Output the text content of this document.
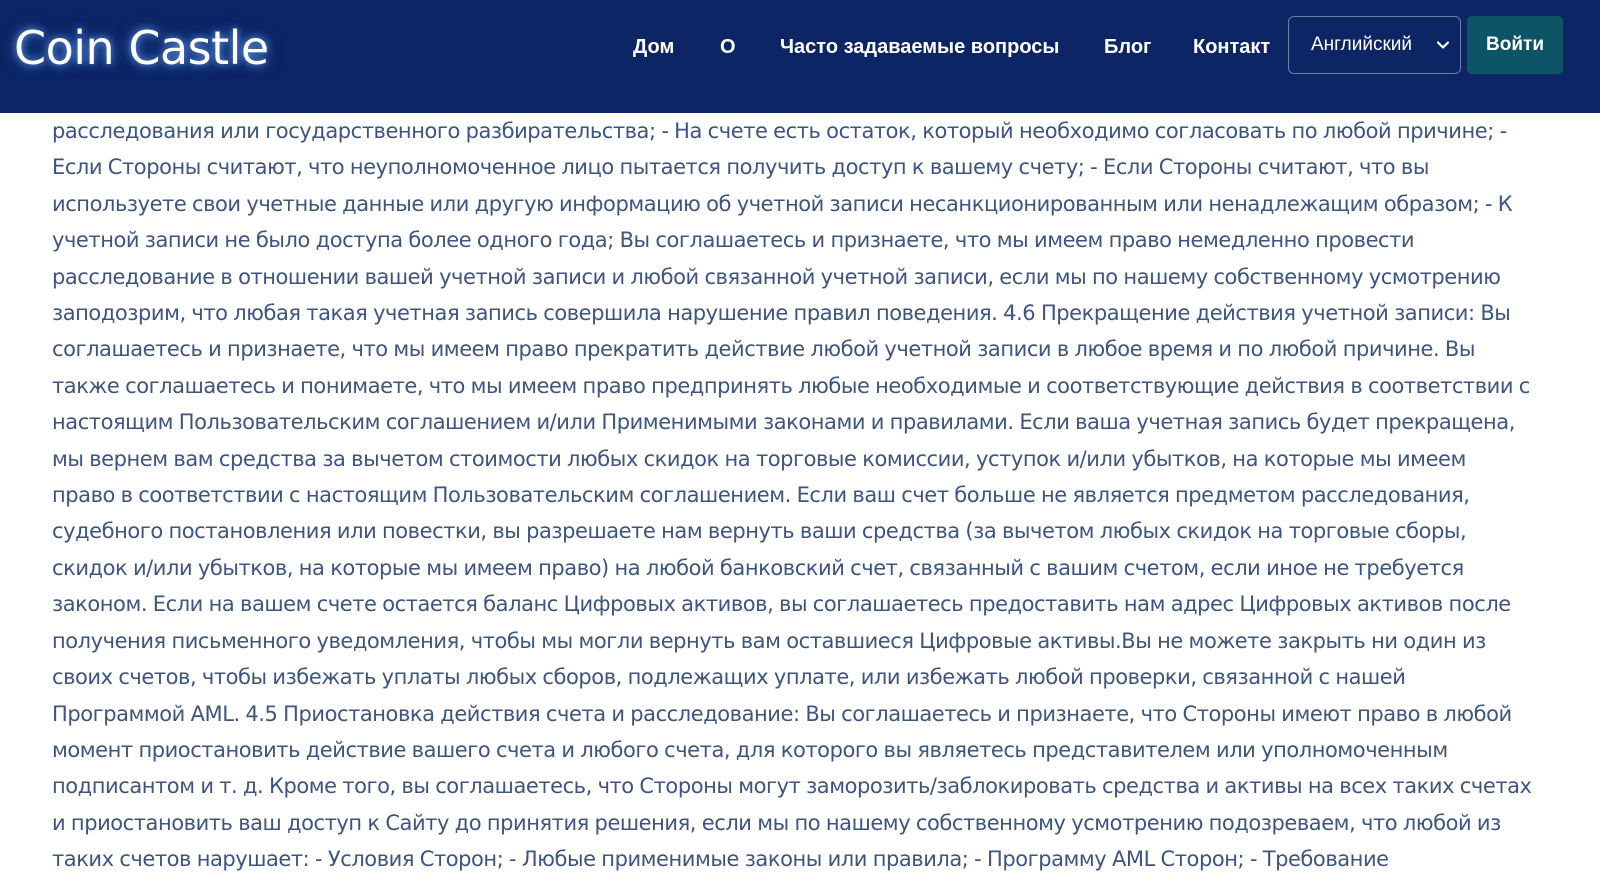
Coin Castle	Дом О Часто задаваемые вопросы Блог Контакт Английский	Войти

расследования или государственного разбирательства; - На счете есть остаток, который необходимо согласовать по любой причине; -
Если Стороны считают, что неуполномоченное лицо пытается получить доступ к вашему счету; - Если Стороны считают, что вы
используете свои учетные данные или другую информацию об учетной записи несанкционированным или ненадлежащим образом; - К
учетной записи не было доступа более одного года; Вы соглашаетесь и признаете, что мы имеем право немедленно провести
расследование в отношении вашей учетной записи и любой связанной учетной записи, если мы по нашему собственному усмотрению
заподозрим, что любая такая учетная запись совершила нарушение правил поведения. 4.6 Прекращение действия учетной записи: Вы
соглашаетесь и признаете, что мы имеем право прекратить действие любой учетной записи в любое время и по любой причине. Вы
также соглашаетесь и понимаете, что мы имеем право предпринять любые необходимые и соответствующие действия в соответствии с
настоящим Пользовательским соглашением и/или Применимыми законами и правилами. Если ваша учетная запись будет прекращена,
мы вернем вам средства за вычетом стоимости любых скидок на торговые комиссии, уступок и/или убытков, на которые мы имеем
право в соответствии с настоящим Пользовательским соглашением. Если ваш счет больше не является предметом расследования,
судебного постановления или повестки, вы разрешаете нам вернуть ваши средства (за вычетом любых скидок на торговые сборы,
скидок и/или убытков, на которые мы имеем право) на любой банковский счет, связанный с вашим счетом, если иное не требуется
законом. Если на вашем счете остается баланс Цифровых активов, вы соглашаетесь предоставить нам адрес Цифровых активов после
получения письменного уведомления, чтобы мы могли вернуть вам оставшиеся Цифровые активы.Вы не можете закрыть ни один из
своих счетов, чтобы избежать уплаты любых сборов, подлежащих уплате, или избежать любой проверки, связанной с нашей
Программой AML. 4.5 Приостановка действия счета и расследование: Вы соглашаетесь и признаете, что Стороны имеют право в любой
момент приостановить действие вашего счета и любого счета, для которого вы являетесь представителем или уполномоченным
подписантом и т. д. Кроме того, вы соглашаетесь, что Стороны могут заморозить/заблокировать средства и активы на всех таких счетах
и приостановить ваш доступ к Сайту до принятия решения, если мы по нашему собственному усмотрению подозреваем, что любой из
таких счетов нарушает: - Условия Сторон; - Любые применимые законы или правила; - Программу AML Сторон; - Требование
